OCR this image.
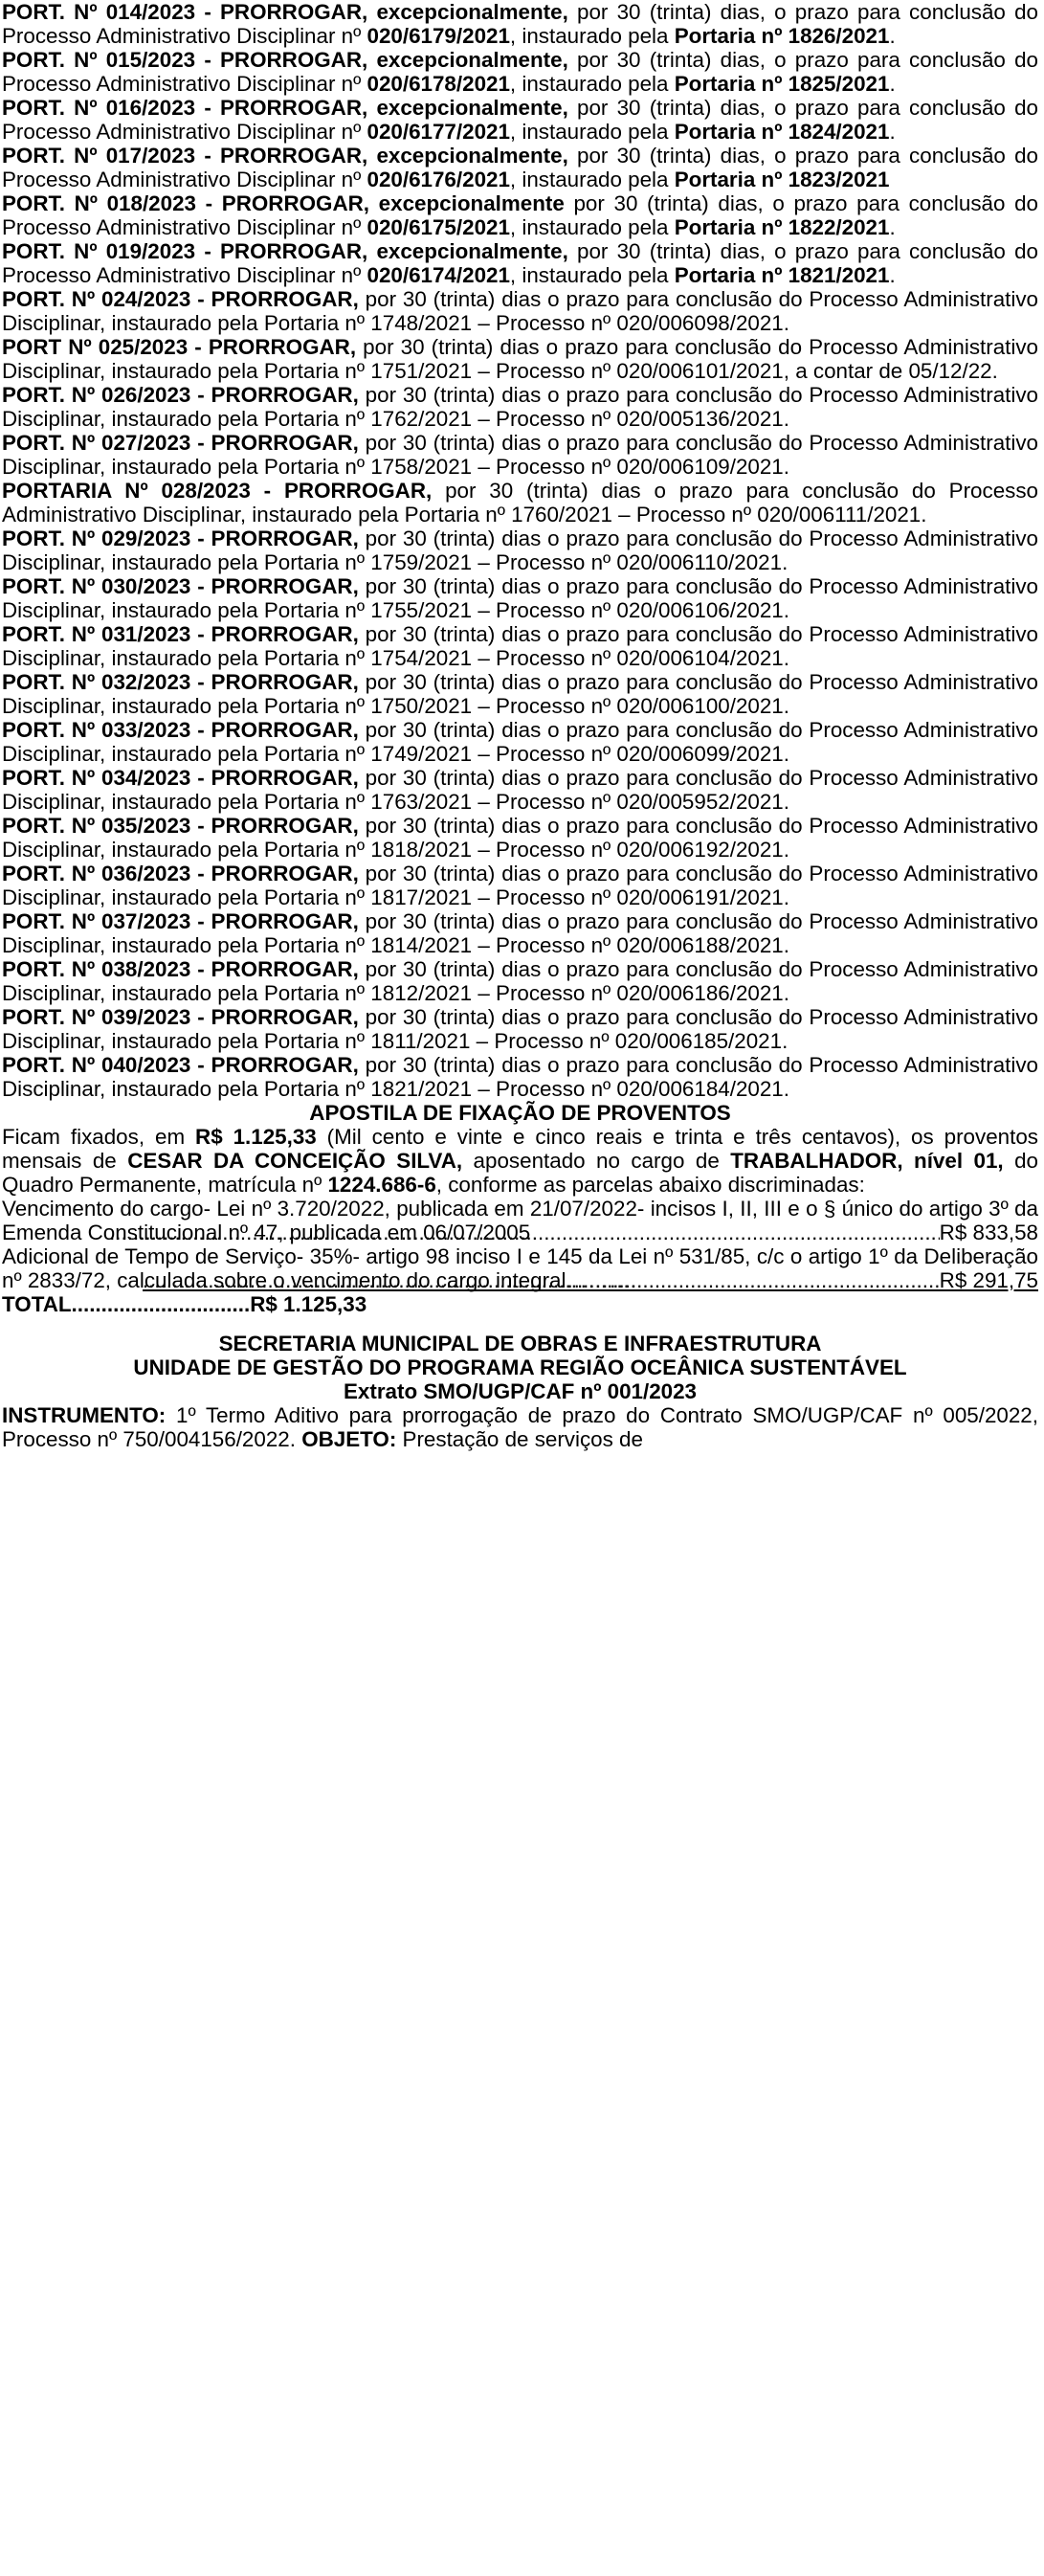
PORT. Nº 014/2023 - PRORROGAR, excepcionalmente, por 30 (trinta) dias, o prazo para conclusão do Processo Administrativo Disciplinar nº 020/6179/2021, instaurado pela Portaria nº 1826/2021.

PORT. Nº 015/2023 - PRORROGAR, excepcionalmente, por 30 (trinta) dias, o prazo para conclusão do Processo Administrativo Disciplinar nº 020/6178/2021, instaurado pela Portaria nº 1825/2021.

PORT. Nº 016/2023 - PRORROGAR, excepcionalmente, por 30 (trinta) dias, o prazo para conclusão do Processo Administrativo Disciplinar nº 020/6177/2021, instaurado pela Portaria nº 1824/2021.

PORT. Nº 017/2023 - PRORROGAR, excepcionalmente, por 30 (trinta) dias, o prazo para conclusão do Processo Administrativo Disciplinar nº 020/6176/2021, instaurado pela Portaria nº 1823/2021

PORT. Nº 018/2023 - PRORROGAR, excepcionalmente por 30 (trinta) dias, o prazo para conclusão do Processo Administrativo Disciplinar nº 020/6175/2021, instaurado pela Portaria nº 1822/2021.

PORT. Nº 019/2023 - PRORROGAR, excepcionalmente, por 30 (trinta) dias, o prazo para conclusão do Processo Administrativo Disciplinar nº 020/6174/2021, instaurado pela Portaria nº 1821/2021.

PORT. Nº 024/2023 - PRORROGAR, por 30 (trinta) dias o prazo para conclusão do Processo Administrativo Disciplinar, instaurado pela Portaria nº 1748/2021 – Processo nº 020/006098/2021.

PORT Nº 025/2023 - PRORROGAR, por 30 (trinta) dias o prazo para conclusão do Processo Administrativo Disciplinar, instaurado pela Portaria nº 1751/2021 – Processo nº 020/006101/2021, a contar de 05/12/22.

PORT. Nº 026/2023 - PRORROGAR, por 30 (trinta) dias o prazo para conclusão do Processo Administrativo Disciplinar, instaurado pela Portaria nº 1762/2021 – Processo nº 020/005136/2021.

PORT. Nº 027/2023 - PRORROGAR, por 30 (trinta) dias o prazo para conclusão do Processo Administrativo Disciplinar, instaurado pela Portaria nº 1758/2021 – Processo nº 020/006109/2021.

PORTARIA Nº 028/2023 - PRORROGAR, por 30 (trinta) dias o prazo para conclusão do Processo Administrativo Disciplinar, instaurado pela Portaria nº 1760/2021 – Processo nº 020/006111/2021.

PORT. Nº 029/2023 - PRORROGAR, por 30 (trinta) dias o prazo para conclusão do Processo Administrativo Disciplinar, instaurado pela Portaria nº 1759/2021 – Processo nº 020/006110/2021.

PORT. Nº 030/2023 - PRORROGAR, por 30 (trinta) dias o prazo para conclusão do Processo Administrativo Disciplinar, instaurado pela Portaria nº 1755/2021 – Processo nº 020/006106/2021.

PORT. Nº 031/2023 - PRORROGAR, por 30 (trinta) dias o prazo para conclusão do Processo Administrativo Disciplinar, instaurado pela Portaria nº 1754/2021 – Processo nº 020/006104/2021.

PORT. Nº 032/2023 - PRORROGAR, por 30 (trinta) dias o prazo para conclusão do Processo Administrativo Disciplinar, instaurado pela Portaria nº 1750/2021 – Processo nº 020/006100/2021.

PORT. Nº 033/2023 - PRORROGAR, por 30 (trinta) dias o prazo para conclusão do Processo Administrativo Disciplinar, instaurado pela Portaria nº 1749/2021 – Processo nº 020/006099/2021.

PORT. Nº 034/2023 - PRORROGAR, por 30 (trinta) dias o prazo para conclusão do Processo Administrativo Disciplinar, instaurado pela Portaria nº 1763/2021 – Processo nº 020/005952/2021.

PORT. Nº 035/2023 - PRORROGAR, por 30 (trinta) dias o prazo para conclusão do Processo Administrativo Disciplinar, instaurado pela Portaria nº 1818/2021 – Processo nº 020/006192/2021.

PORT. Nº 036/2023 - PRORROGAR, por 30 (trinta) dias o prazo para conclusão do Processo Administrativo Disciplinar, instaurado pela Portaria nº 1817/2021 – Processo nº 020/006191/2021.

PORT. Nº 037/2023 - PRORROGAR, por 30 (trinta) dias o prazo para conclusão do Processo Administrativo Disciplinar, instaurado pela Portaria nº 1814/2021 – Processo nº 020/006188/2021.

PORT. Nº 038/2023 - PRORROGAR, por 30 (trinta) dias o prazo para conclusão do Processo Administrativo Disciplinar, instaurado pela Portaria nº 1812/2021 – Processo nº 020/006186/2021.

PORT. Nº 039/2023 - PRORROGAR, por 30 (trinta) dias o prazo para conclusão do Processo Administrativo Disciplinar, instaurado pela Portaria nº 1811/2021 – Processo nº 020/006185/2021.

PORT. Nº 040/2023 - PRORROGAR, por 30 (trinta) dias o prazo para conclusão do Processo Administrativo Disciplinar, instaurado pela Portaria nº 1821/2021 – Processo nº 020/006184/2021.

APOSTILA DE FIXAÇÃO DE PROVENTOS

Ficam fixados, em R$ 1.125,33 (Mil cento e vinte e cinco reais e trinta e três centavos), os proventos mensais de CESAR DA CONCEIÇÃO SILVA, aposentado no cargo de TRABALHADOR, nível 01, do Quadro Permanente, matrícula nº 1224.686-6, conforme as parcelas abaixo discriminadas:

Vencimento do cargo- Lei nº 3.720/2022, publicada em 21/07/2022- incisos I, II, III e o § único do artigo 3º da Emenda Constitucional nº 47, publicada em 06/07/2005 .....	R$ 833,58

Adicional de Tempo de Serviço- 35%- artigo 98 inciso I e 145 da Lei nº 531/85, c/c o artigo 1º da Deliberação nº 2833/72, calculada sobre o vencimento do cargo integral………. .....	R$ 291,75

TOTAL..............................R$ 1.125,33

SECRETARIA MUNICIPAL DE OBRAS E INFRAESTRUTURA

UNIDADE DE GESTÃO DO PROGRAMA REGIÃO OCEÂNICA SUSTENTÁVEL

Extrato SMO/UGP/CAF nº 001/2023

INSTRUMENTO: 1º Termo Aditivo para prorrogação de prazo do Contrato SMO/UGP/CAF nº 005/2022, Processo nº 750/004156/2022. OBJETO: Prestação de serviços de
